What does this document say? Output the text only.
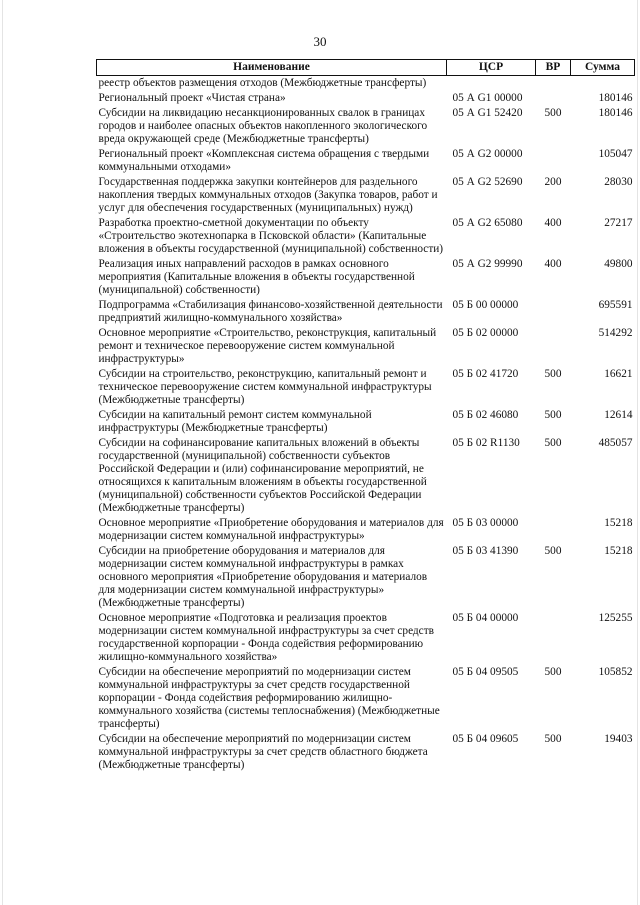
30
Наименование	ЦСР	ВР	Сумма
реестр объектов размещения отходов (Межбюджетные трансферты)			
Региональный проект «Чистая страна»	05 А G1 00000		180146
Субсидии на ликвидацию несанкционированных свалок в границах городов и наиболее опасных объектов накопленного экологического вреда окружающей среде (Межбюджетные трансферты)	05 А G1 52420	500	180146
Региональный проект «Комплексная система обращения с твердыми коммунальными отходами»	05 А G2 00000		105047
Государственная поддержка закупки контейнеров для раздельного накопления твердых коммунальных отходов (Закупка товаров, работ и услуг для обеспечения государственных (муниципальных) нужд)	05 А G2 52690	200	28030
Разработка проектно-сметной документации по объекту «Строительство экотехнопарка в Псковской области» (Капитальные вложения в объекты государственной (муниципальной) собственности)	05 А G2 65080	400	27217
Реализация иных направлений расходов в рамках основного мероприятия (Капитальные вложения в объекты государственной (муниципальной) собственности)	05 А G2 99990	400	49800
Подпрограмма «Стабилизация финансово-хозяйственной деятельности предприятий жилищно-коммунального хозяйства»	05 Б 00 00000		695591
Основное мероприятие «Строительство, реконструкция, капитальный ремонт и техническое перевооружение систем коммунальной инфраструктуры»	05 Б 02 00000		514292
Субсидии на строительство, реконструкцию, капитальный ремонт и техническое перевооружение систем коммунальной инфраструктуры (Межбюджетные трансферты)	05 Б 02 41720	500	16621
Субсидии на капитальный ремонт систем коммунальной инфраструктуры (Межбюджетные трансферты)	05 Б 02 46080	500	12614
Субсидии на софинансирование капитальных вложений в объекты государственной (муниципальной) собственности субъектов Российской Федерации и (или) софинансирование мероприятий, не относящихся к капитальным вложениям в объекты государственной (муниципальной) собственности субъектов Российской Федерации (Межбюджетные трансферты)	05 Б 02 R1130	500	485057
Основное мероприятие «Приобретение оборудования и материалов для модернизации систем коммунальной инфраструктуры»	05 Б 03 00000		15218
Субсидии на приобретение оборудования и материалов для модернизации систем коммунальной инфраструктуры в рамках основного мероприятия «Приобретение оборудования и материалов для модернизации систем коммунальной инфраструктуры» (Межбюджетные трансферты)	05 Б 03 41390	500	15218
Основное мероприятие «Подготовка и реализация проектов модернизации систем коммунальной инфраструктуры за счет средств государственной корпорации - Фонда содействия реформированию жилищно-коммунального хозяйства»	05 Б 04 00000		125255
Субсидии на обеспечение мероприятий по модернизации систем коммунальной инфраструктуры за счет средств государственной корпорации - Фонда содействия реформированию жилищно-коммунального хозяйства (системы теплоснабжения) (Межбюджетные трансферты)	05 Б 04 09505	500	105852
Субсидии на обеспечение мероприятий по модернизации систем коммунальной инфраструктуры за счет средств областного бюджета (Межбюджетные трансферты)	05 Б 04 09605	500	19403
